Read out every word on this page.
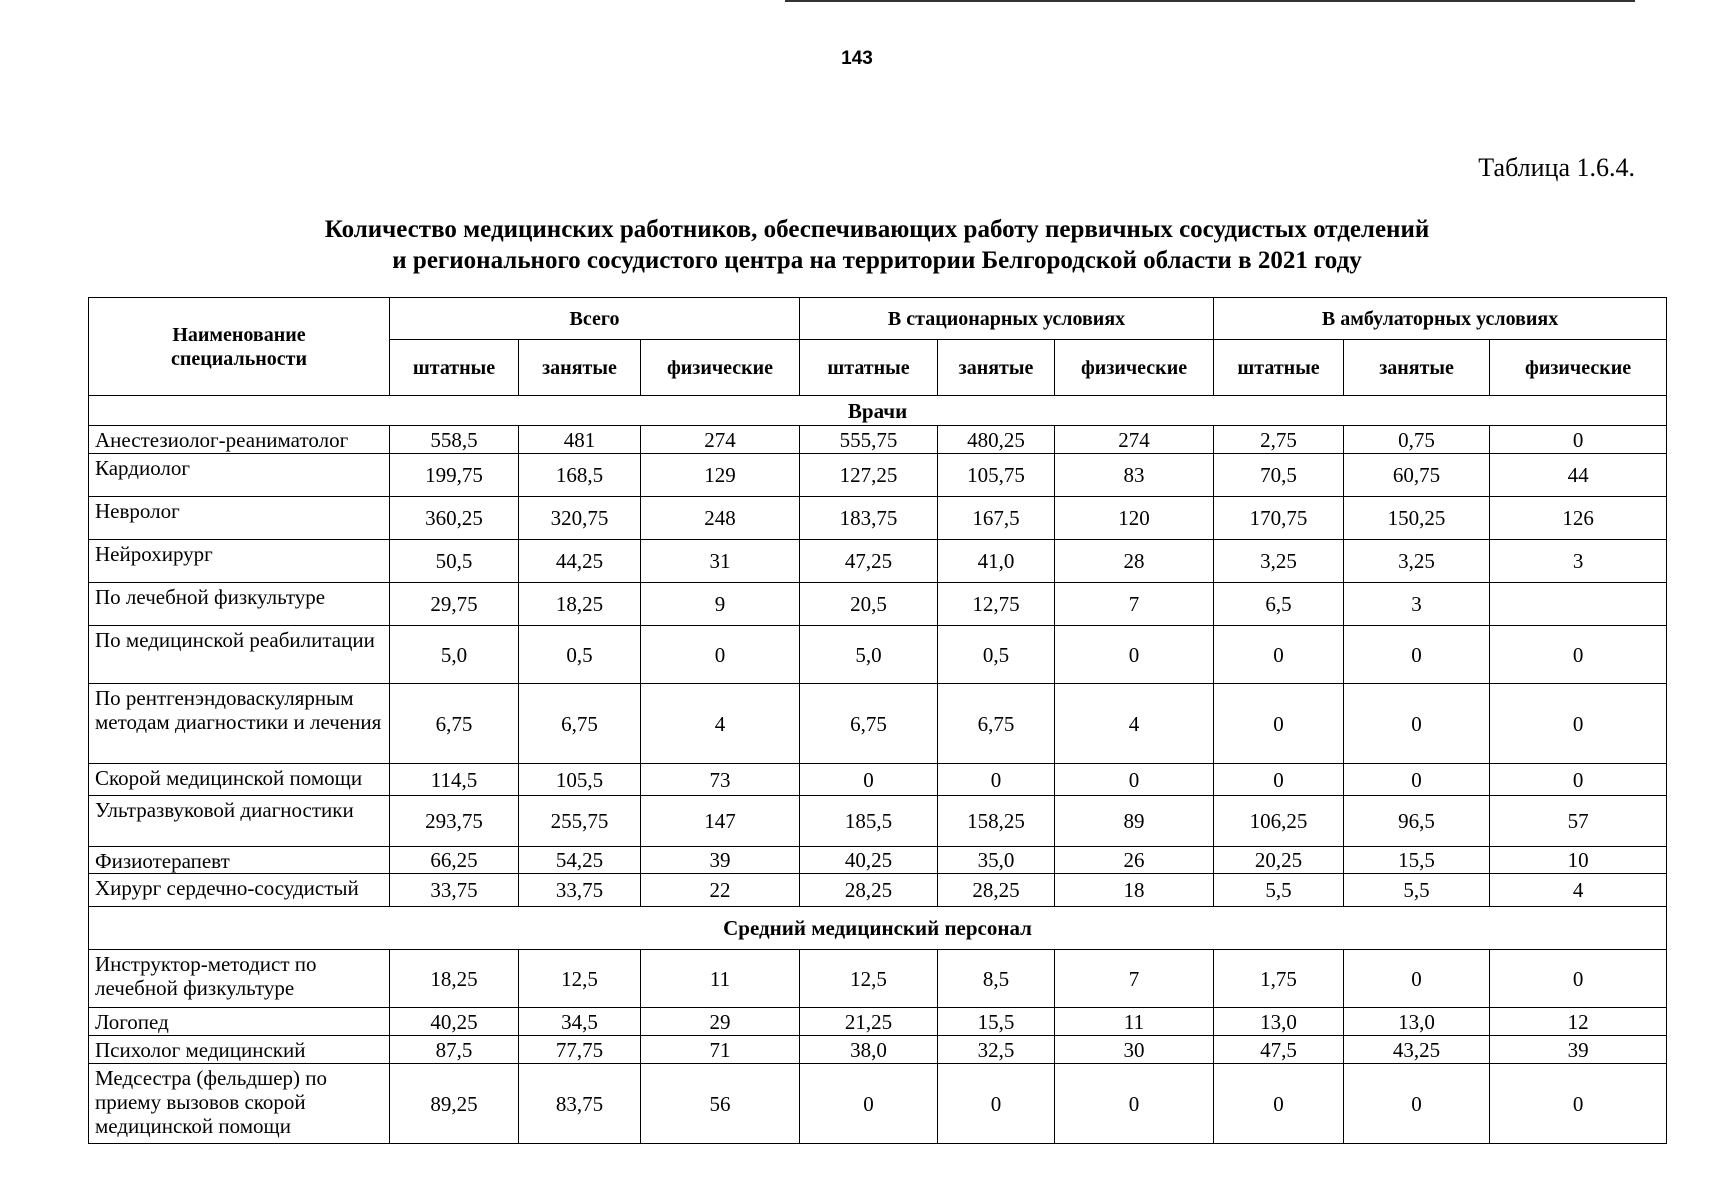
143
Таблица 1.6.4.
Количество медицинских работников, обеспечивающих работу первичных сосудистых отделений
и регионального сосудистого центра на территории Белгородской области в 2021 году
Наименование
специальности	Всего			В стационарных условиях			В амбулаторных условиях		
	штатные	занятые	физические	штатные	занятые	физические	штатные	занятые	физические
Врачи									
Анестезиолог-реаниматолог	558,5	481	274	555,75	480,25	274	2,75	0,75	0
Кардиолог	199,75	168,5	129	127,25	105,75	83	70,5	60,75	44
Невролог	360,25	320,75	248	183,75	167,5	120	170,75	150,25	126
Нейрохирург	50,5	44,25	31	47,25	41,0	28	3,25	3,25	3
По лечебной физкультуре	29,75	18,25	9	20,5	12,75	7	6,5	3	
По медицинской реабилитации	5,0	0,5	0	5,0	0,5	0	0	0	0
По рентгенэндоваскулярным методам диагностики и лечения	6,75	6,75	4	6,75	6,75	4	0	0	0
Скорой медицинской помощи	114,5	105,5	73	0	0	0	0	0	0
Ультразвуковой диагностики	293,75	255,75	147	185,5	158,25	89	106,25	96,5	57
Физиотерапевт	66,25	54,25	39	40,25	35,0	26	20,25	15,5	10
Хирург сердечно-сосудистый	33,75	33,75	22	28,25	28,25	18	5,5	5,5	4
Средний медицинский персонал									
Инструктор-методист по лечебной физкультуре	18,25	12,5	11	12,5	8,5	7	1,75	0	0
Логопед	40,25	34,5	29	21,25	15,5	11	13,0	13,0	12
Психолог медицинский	87,5	77,75	71	38,0	32,5	30	47,5	43,25	39
Медсестра (фельдшер) по приему вызовов скорой медицинской помощи	89,25	83,75	56	0	0	0	0	0	0
